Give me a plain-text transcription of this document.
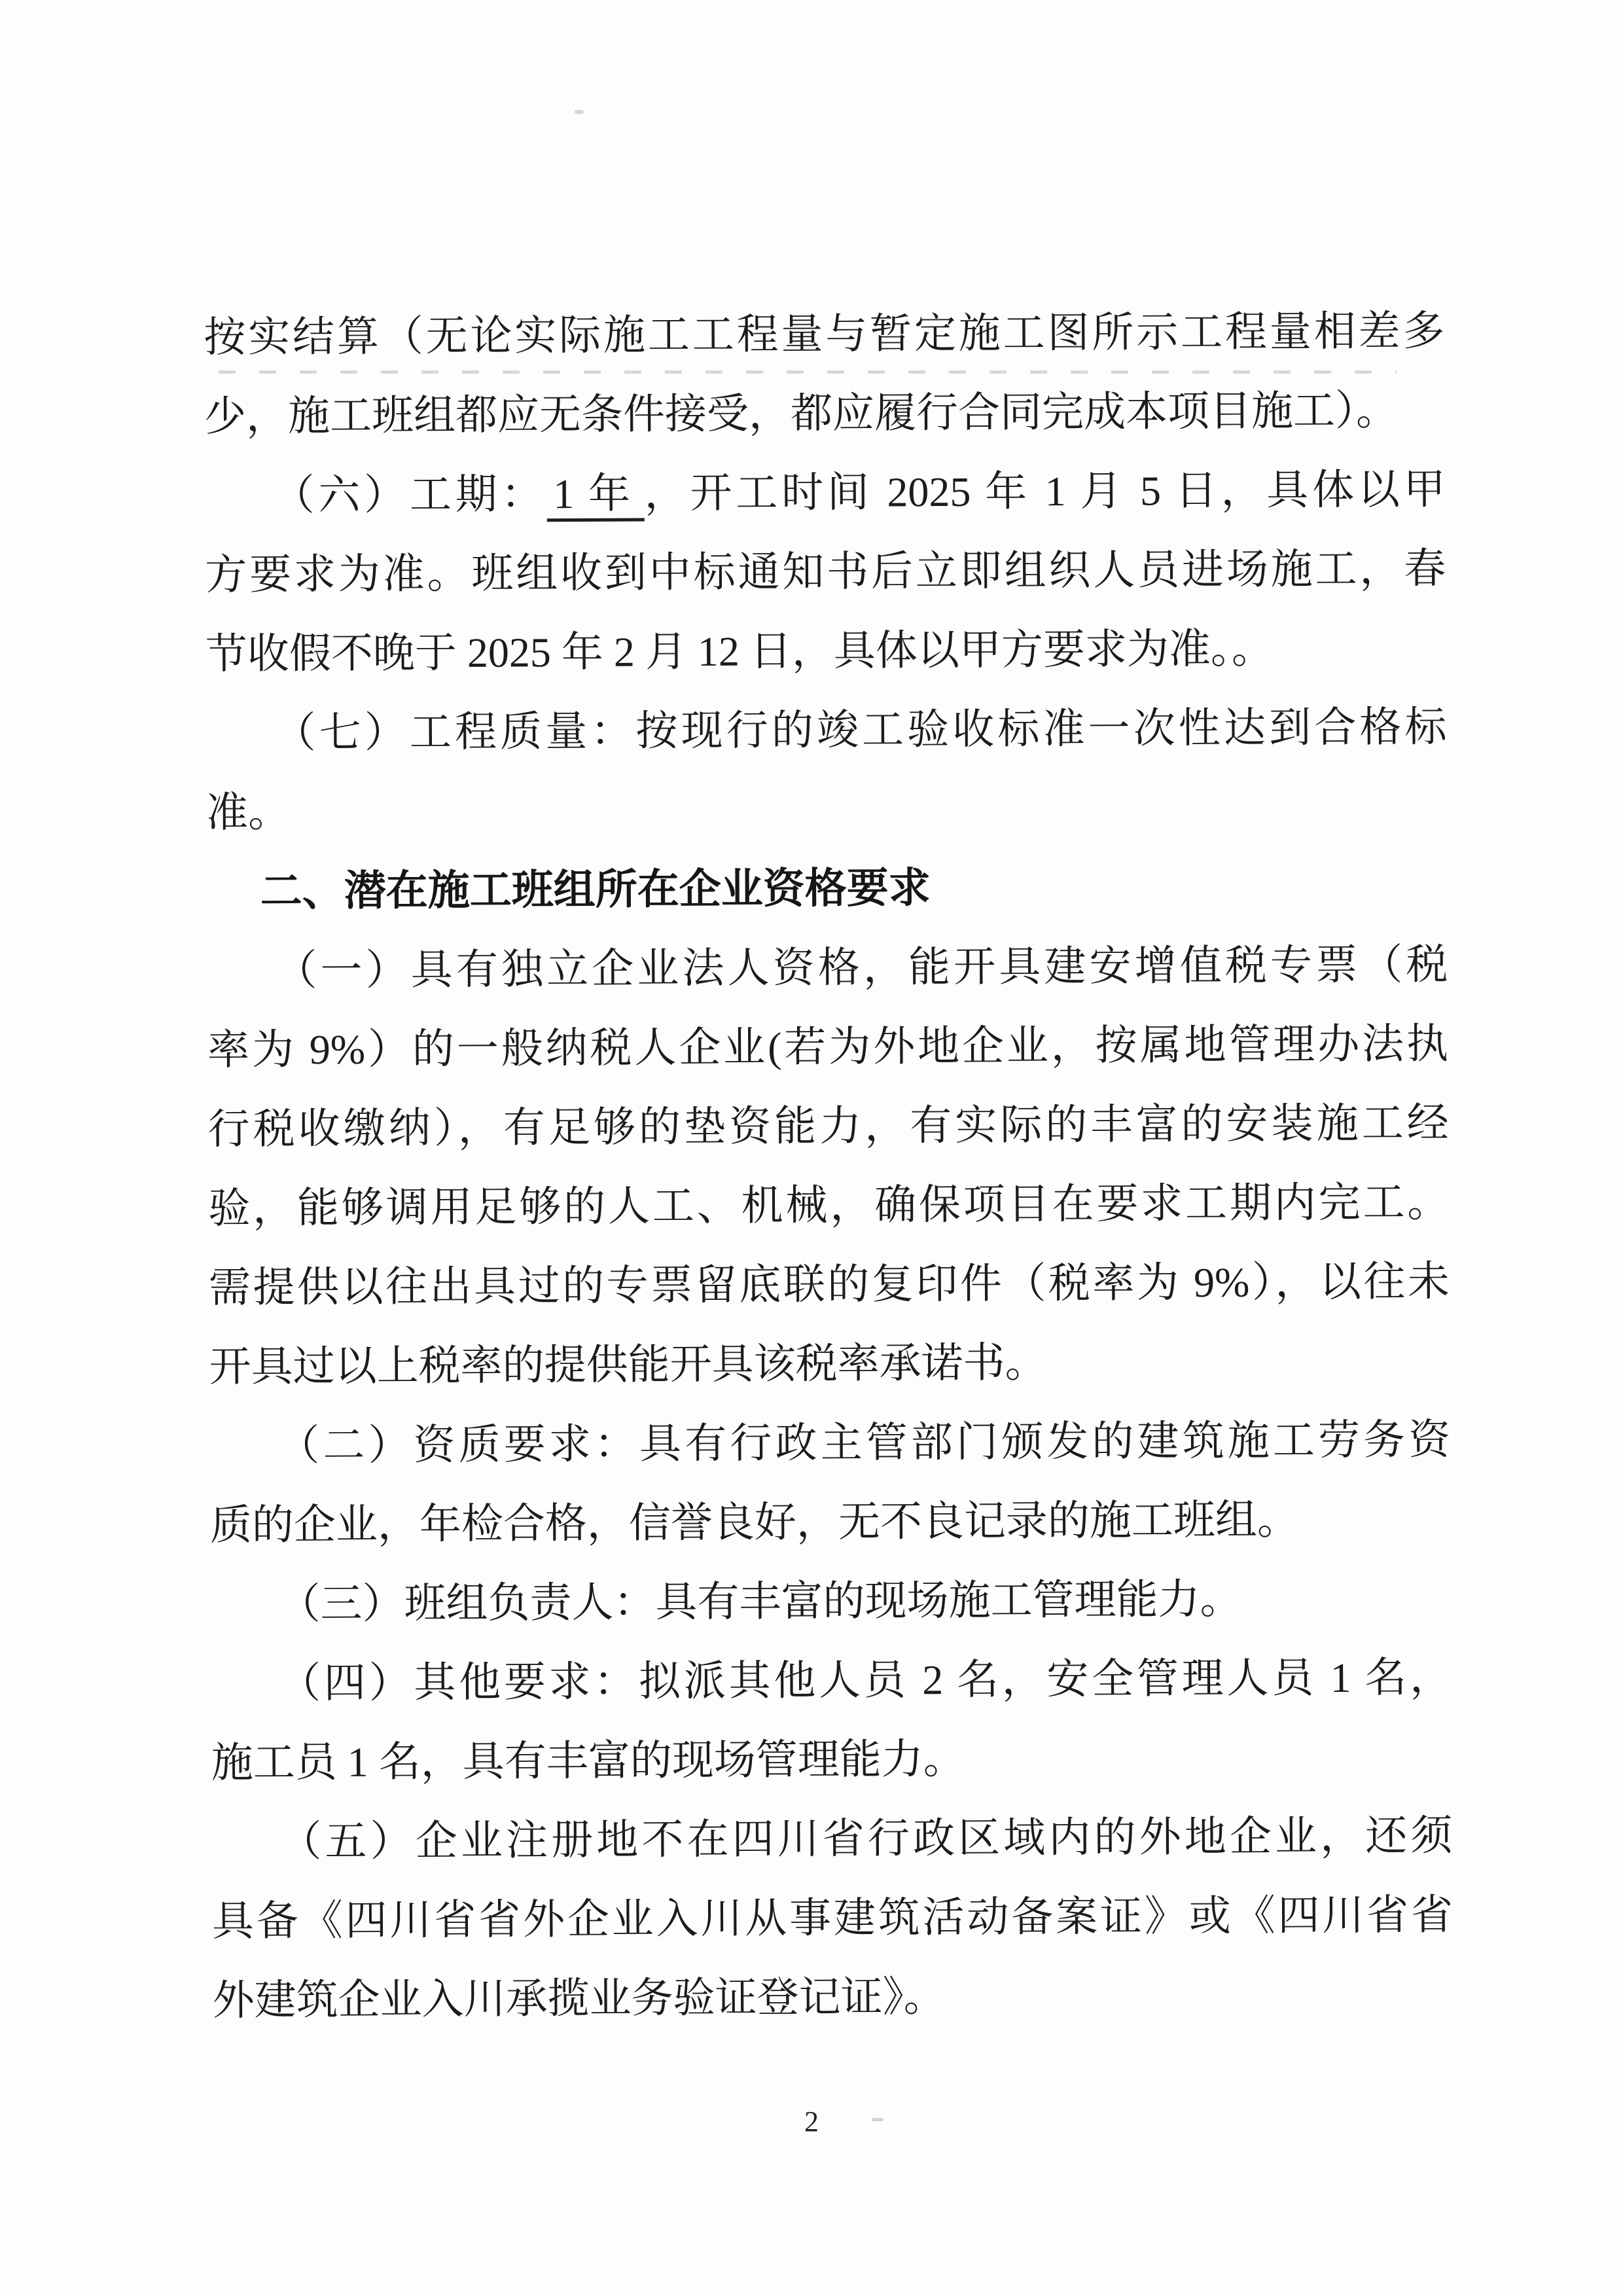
按实结算（无论实际施工工程量与暂定施工图所示工程量相差多
少，施工班组都应无条件接受，都应履行合同完成本项目施工）。
（六）工期： 1 年 ，开工时间 2025 年 1 月 5 日，具体以甲
方要求为准。班组收到中标通知书后立即组织人员进场施工，春
节收假不晚于 2025 年 2 月 12 日，具体以甲方要求为准。。
（七）工程质量：按现行的竣工验收标准一次性达到合格标
准。
二、潜在施工班组所在企业资格要求
（一）具有独立企业法人资格，能开具建安增值税专票（税
率为 9%）的一般纳税人企业(若为外地企业，按属地管理办法执
行税收缴纳），有足够的垫资能力，有实际的丰富的安装施工经
验，能够调用足够的人工、机械，确保项目在要求工期内完工。
需提供以往出具过的专票留底联的复印件（税率为 9%），以往未
开具过以上税率的提供能开具该税率承诺书。
（二）资质要求：具有行政主管部门颁发的建筑施工劳务资
质的企业，年检合格，信誉良好，无不良记录的施工班组。
（三）班组负责人：具有丰富的现场施工管理能力。
（四）其他要求：拟派其他人员 2 名，安全管理人员 1 名，
施工员 1 名，具有丰富的现场管理能力。
（五）企业注册地不在四川省行政区域内的外地企业，还须
具备《四川省省外企业入川从事建筑活动备案证》或《四川省省
外建筑企业入川承揽业务验证登记证》。
2
